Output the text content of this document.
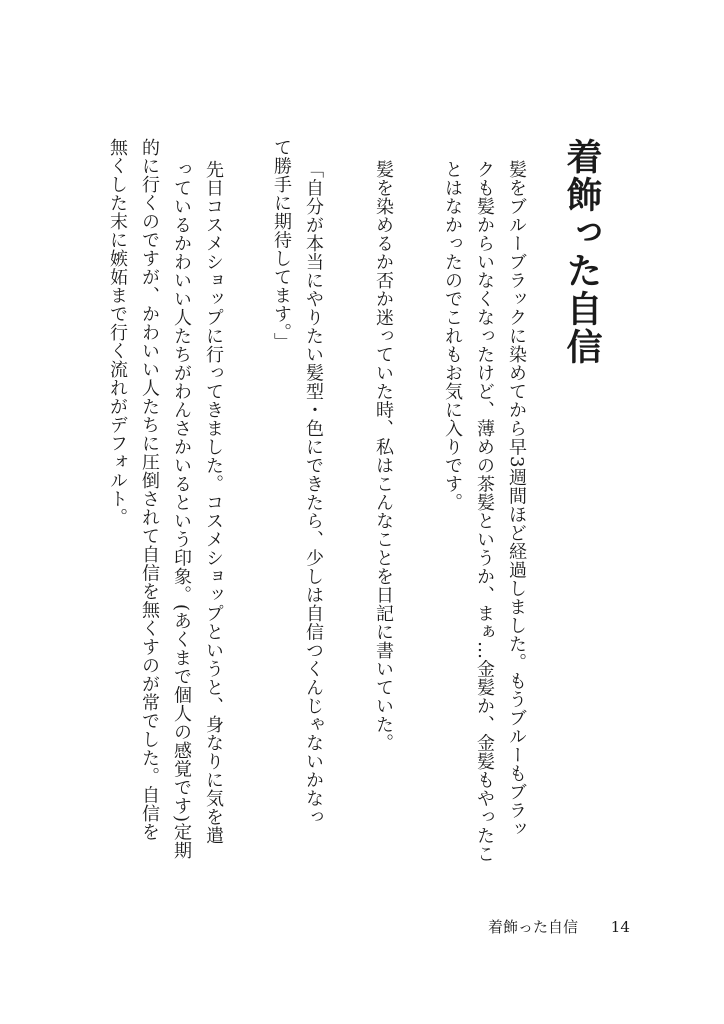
着飾った自信
髪をブルーブラックに染めてから早3週間ほど経過しました。もうブルーもブラッ
クも髪からいなくなったけど、薄めの茶髪というか、まぁ…金髪か、金髪もやったこ
とはなかったのでこれもお気に入りです。
髪を染めるか否か迷っていた時、私はこんなことを日記に書いていた。
「自分が本当にやりたい髪型・色にできたら、少しは自信つくんじゃないかなっ
て勝手に期待してます。」
先日コスメショップに行ってきました。コスメショップというと、身なりに気を遣
っているかわいい人たちがわんさかいるという印象。(あくまで個人の感覚です)定期
的に行くのですが、かわいい人たちに圧倒されて自信を無くすのが常でした。自信を
無くした末に嫉妬まで行く流れがデフォルト。
着飾った自信 14
